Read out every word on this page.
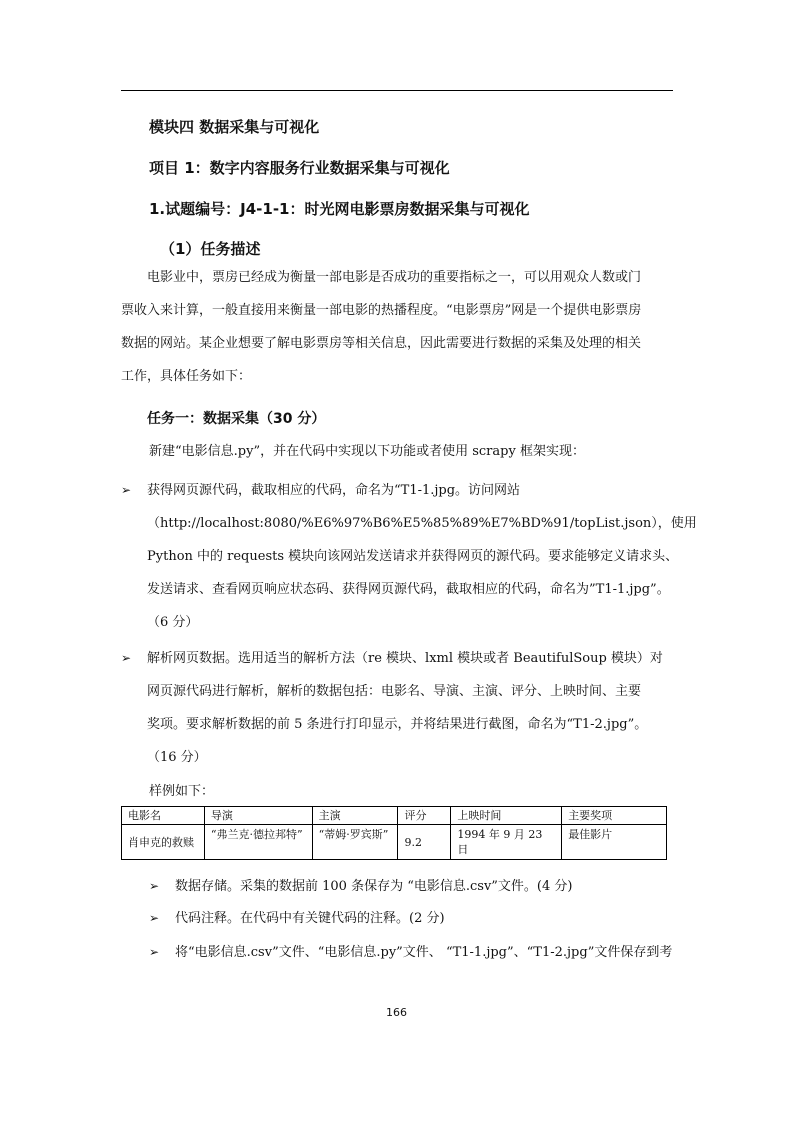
模块四 数据采集与可视化
项目 1：数字内容服务行业数据采集与可视化
1.试题编号：J4-1-1：时光网电影票房数据采集与可视化
（1）任务描述

电影业中，票房已经成为衡量一部电影是否成功的重要指标之一，可以用观众人数或门

票收入来计算，一般直接用来衡量一部电影的热播程度。“电影票房”网是一个提供电影票房

数据的网站。某企业想要了解电影票房等相关信息，因此需要进行数据的采集及处理的相关

工作，具体任务如下：

任务一：数据采集（30 分）
新建“电影信息.py”，并在代码中实现以下功能或者使用 scrapy 框架实现：
➢	获得网页源代码，截取相应的代码，命名为“T1-1.jpg。访问网站

（http://localhost:8080/%E6%97%B6%E5%85%89%E7%BD%91/topList.json），使用

Python 中的 requests 模块向该网站发送请求并获得网页的源代码。要求能够定义请求头、

发送请求、查看网页响应状态码、获得网页源代码，截取相应的代码，命名为”T1-1.jpg”。

（6 分）

➢	解析网页数据。选用适当的解析方法（re 模块、lxml 模块或者 BeautifulSoup 模块）对

网页源代码进行解析，解析的数据包括：电影名、导演、主演、评分、上映时间、主要

奖项。要求解析数据的前 5 条进行打印显示，并将结果进行截图，命名为“T1-2.jpg”。

（16 分）

样例如下：
电影名	导演	主演	评分	上映时间	主要奖项
肖申克的救赎	“弗兰克·德拉邦特”	“蒂姆·罗宾斯”	9.2	1994 年 9 月 23 日	最佳影片
➢ 数据存储。采集的数据前 100 条保存为 “电影信息.csv”文件。(4 分)
➢ 代码注释。在代码中有关键代码的注释。(2 分)
➢ 将“电影信息.csv”文件、“电影信息.py”文件、 “T1-1.jpg”、“T1-2.jpg”文件保存到考
166
